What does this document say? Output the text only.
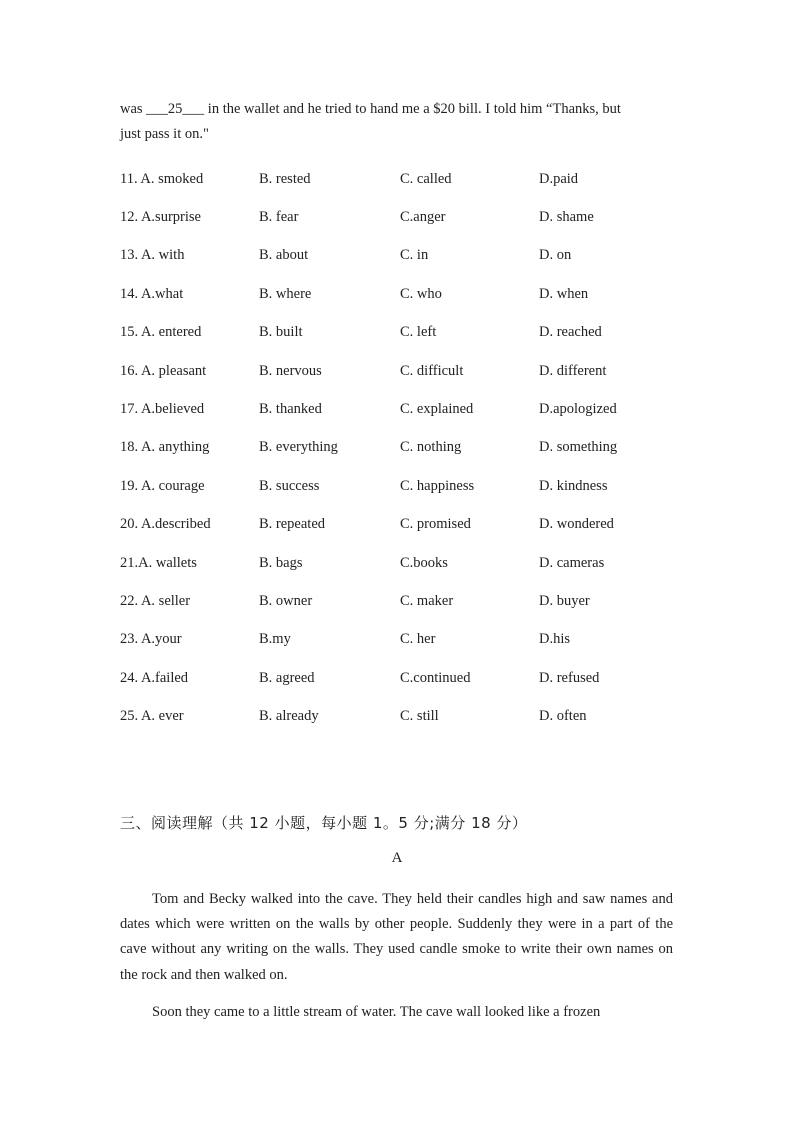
was ___25___ in the wallet and he tried to hand me a $20 bill. I told him “Thanks, but

just pass it on."

11. A. smoked	B. rested	C. called	D.paid
12. A.surprise	B. fear	C.anger	D. shame
13. A. with	B. about	C. in	D. on
14. A.what	B. where	C. who	D. when
15. A. entered	B. built	C. left	D. reached
16. A. pleasant	B. nervous	C. difficult	D. different
17. A.believed	B. thanked	C. explained	D.apologized
18. A. anything	B. everything	C. nothing	D. something
19. A. courage	B. success	C. happiness	D. kindness
20. A.described	B. repeated	C. promised	D. wondered
21.A. wallets	B. bags	C.books	D. cameras
22. A. seller	B. owner	C. maker	D. buyer
23. A.your	B.my	C. her	D.his
24. A.failed	B. agreed	C.continued	D. refused
25. A. ever	B. already	C. still	D. often
三、阅读理解（共 12 小题，每小题 1。5 分;满分 18 分）
A

Tom and Becky walked into the cave. They held their candles high and saw names and dates which were written on the walls by other people. Suddenly they were in a part of the cave without any writing on the walls. They used candle smoke to write their own names on the rock and then walked on.

Soon they came to a little stream of water. The cave wall looked like a frozen
